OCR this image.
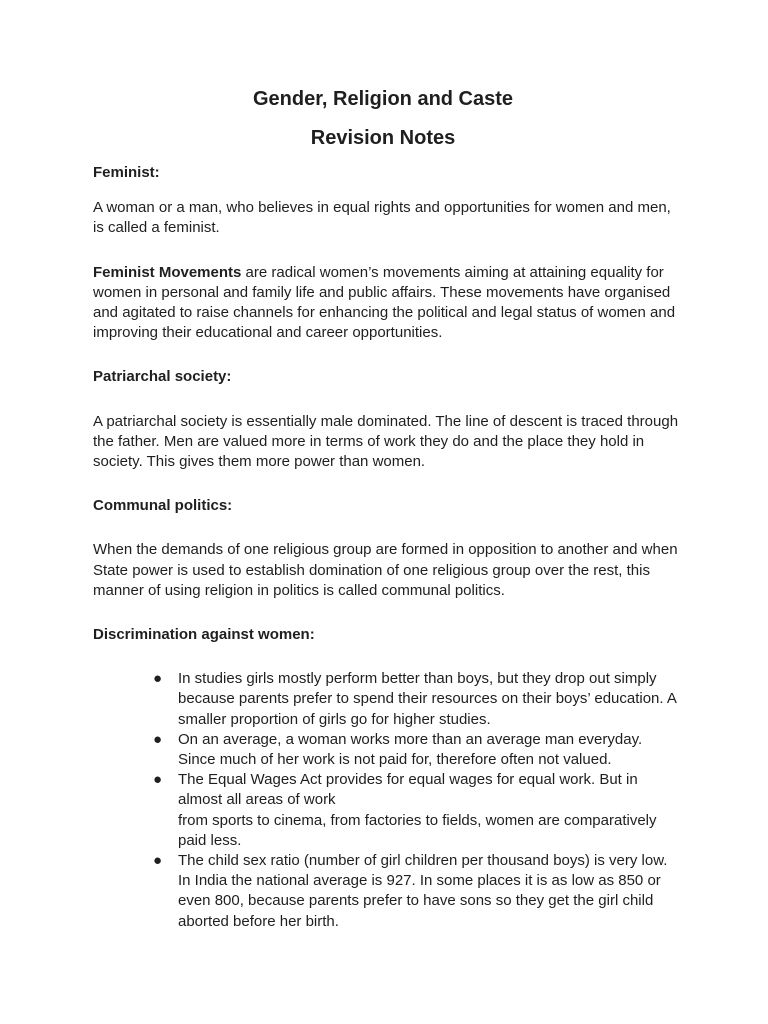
Gender, Religion and Caste
Revision Notes

Feminist:

A woman or a man, who believes in equal rights and opportunities for women and men, is called a feminist.

Feminist Movements are radical women’s movements aiming at attaining equality for women in personal and family life and public affairs. These movements have organised and agitated to raise channels for enhancing the political and legal status of women and improving their educational and career opportunities.

Patriarchal society:

A patriarchal society is essentially male dominated. The line of descent is traced through the father. Men are valued more in terms of work they do and the place they hold in society. This gives them more power than women.

Communal politics:

When the demands of one religious group are formed in opposition to another and when State power is used to establish domination of one religious group over the rest, this manner of using religion in politics is called communal politics.

Discrimination against women:

●	In studies girls mostly perform better than boys, but they drop out simply because parents prefer to spend their resources on their boys’ education. A smaller proportion of girls go for higher studies.
●	On an average, a woman works more than an average man everyday. Since much of her work is not paid for, therefore often not valued.
●	The Equal Wages Act provides for equal wages for equal work. But in almost all areas of work
from sports to cinema, from factories to fields, women are comparatively paid less.
●	The child sex ratio (number of girl children per thousand boys) is very low. In India the national average is 927. In some places it is as low as 850 or even 800, because parents prefer to have sons so they get the girl child aborted before her birth.
